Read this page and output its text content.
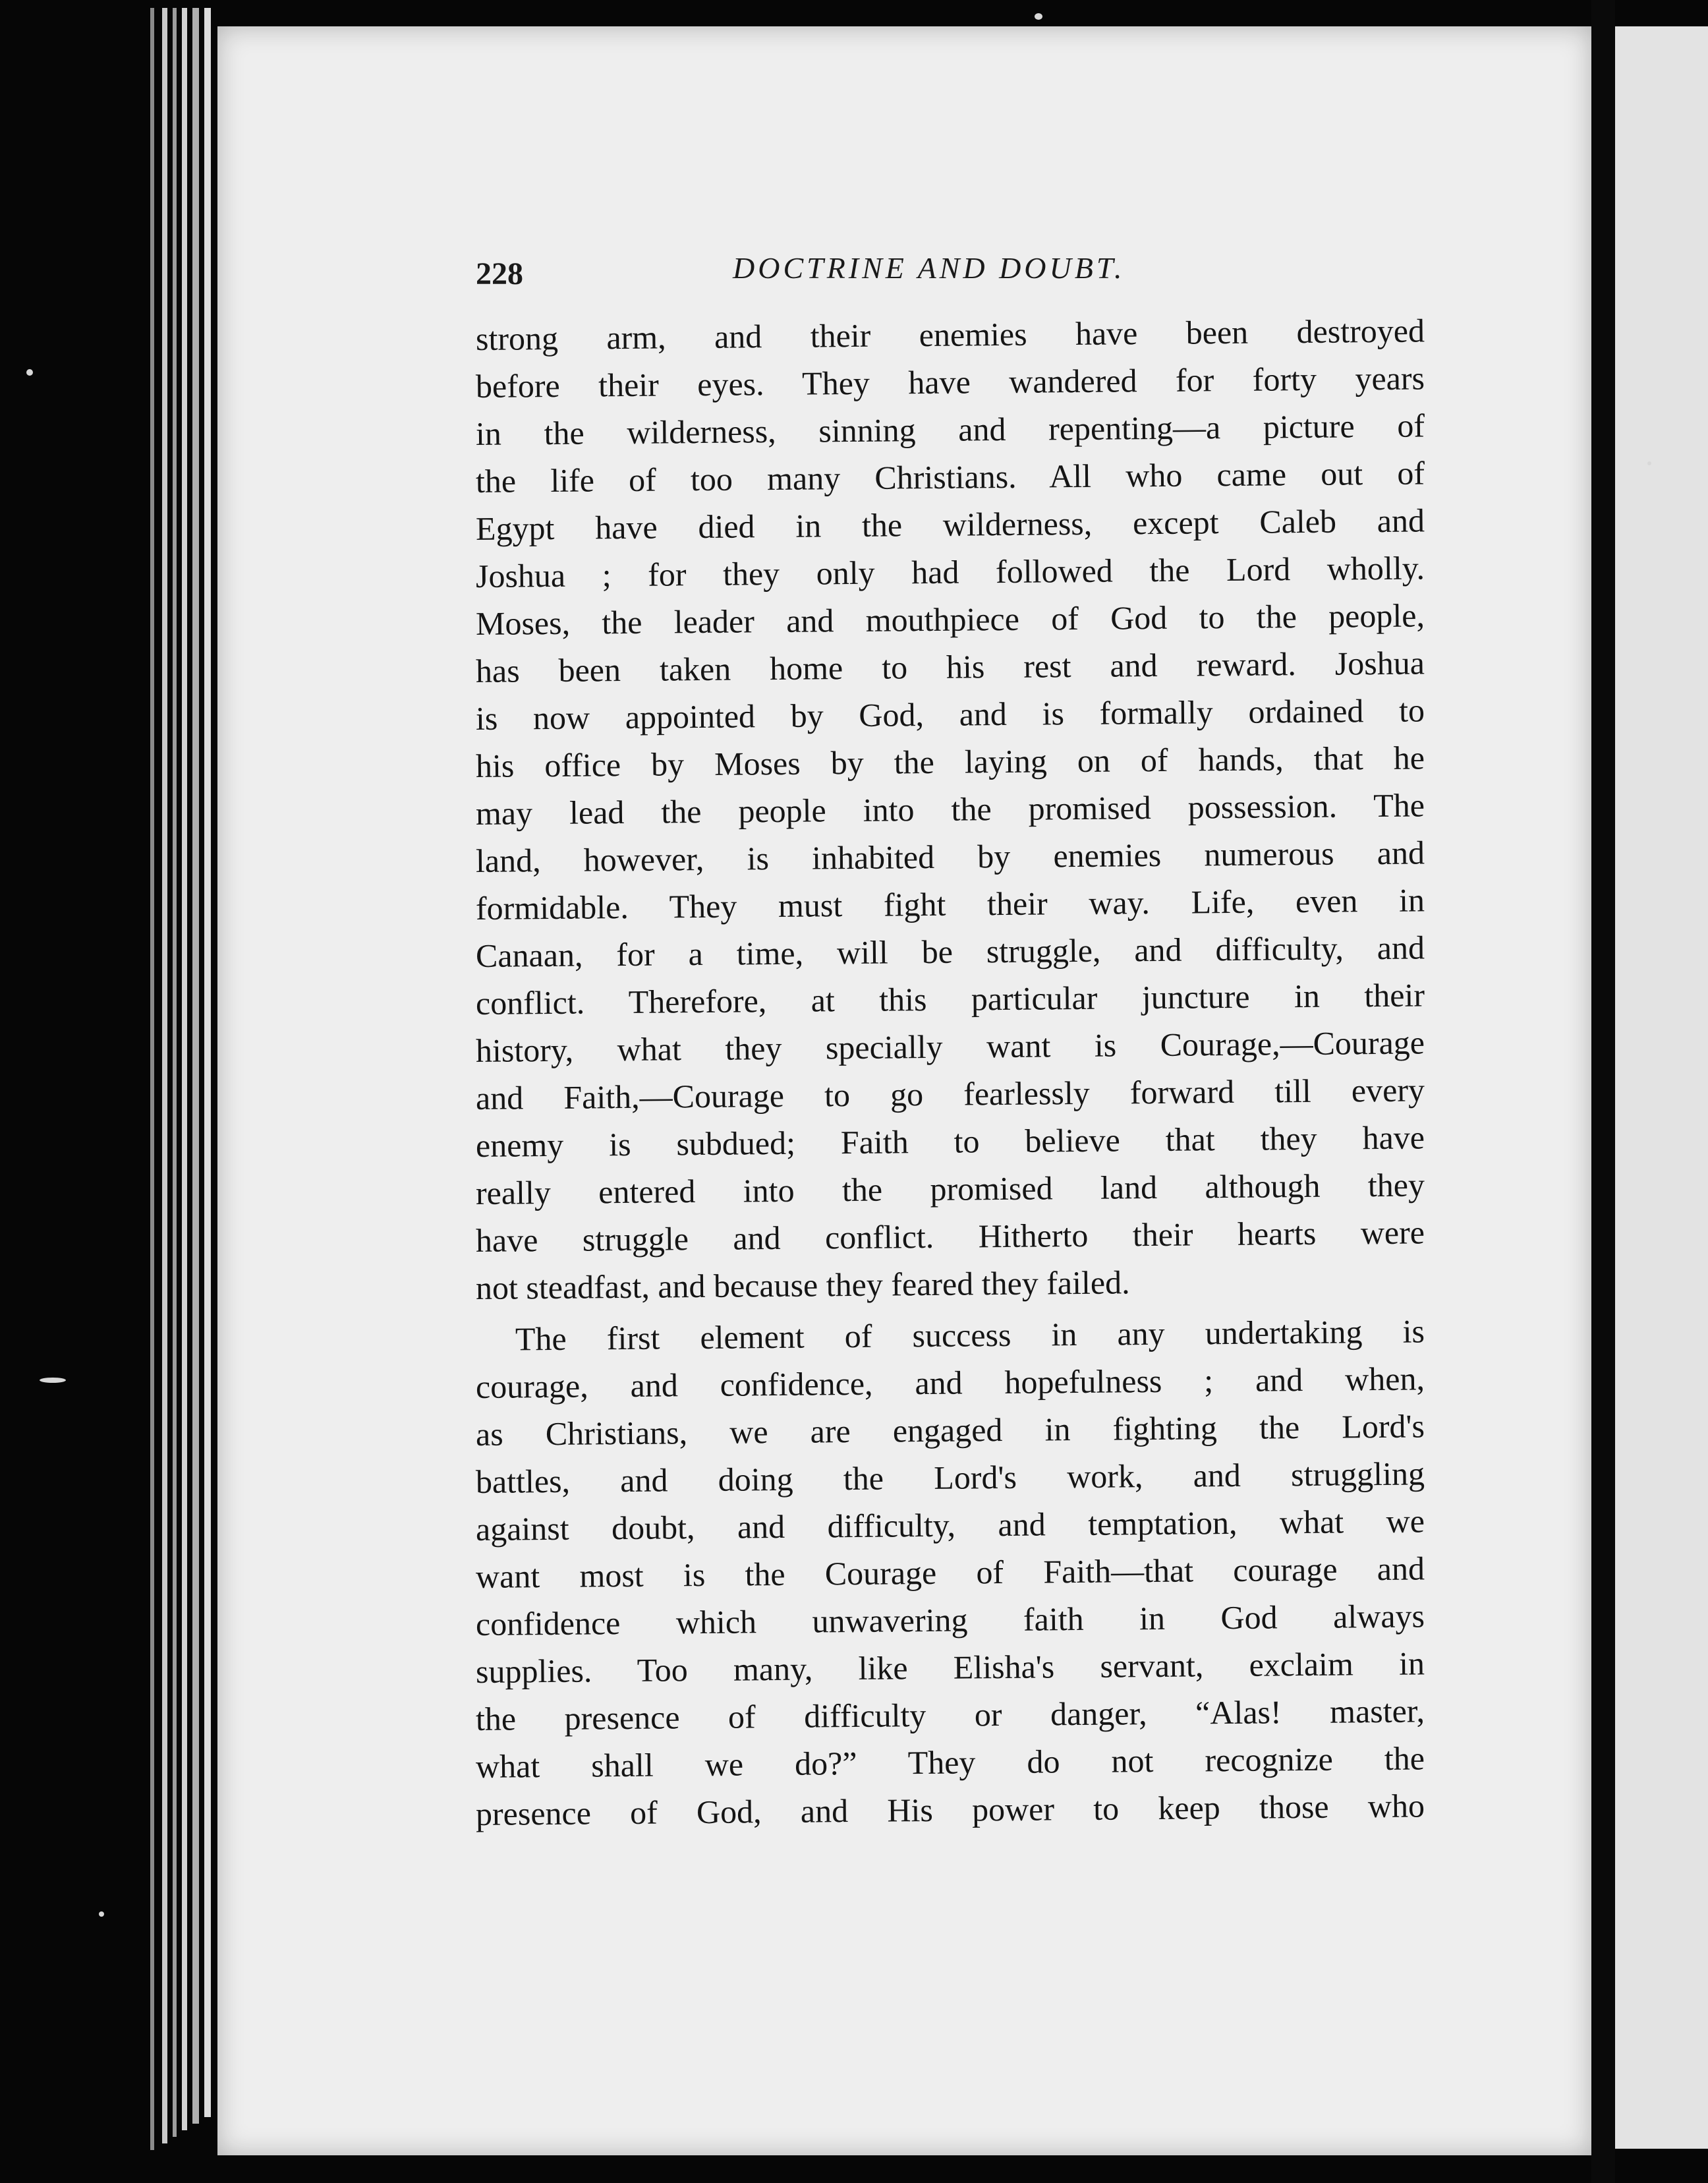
228	DOCTRINE AND DOUBT.
strong arm, and their enemies have been destroyed
before their eyes. They have wandered for forty years
in the wilderness, sinning and repenting—a picture of
the life of too many Christians. All who came out of
Egypt have died in the wilderness, except Caleb and
Joshua ; for they only had followed the Lord wholly.
Moses, the leader and mouthpiece of God to the people,
has been taken home to his rest and reward. Joshua
is now appointed by God, and is formally ordained to
his office by Moses by the laying on of hands, that he
may lead the people into the promised possession. The
land, however, is inhabited by enemies numerous and
formidable. They must fight their way. Life, even in
Canaan, for a time, will be struggle, and difficulty, and
conflict. Therefore, at this particular juncture in their
history, what they specially want is Courage,—Courage
and Faith,—Courage to go fearlessly forward till every
enemy is subdued; Faith to believe that they have
really entered into the promised land although they
have struggle and conflict. Hitherto their hearts were
not steadfast, and because they feared they failed.
The first element of success in any undertaking is
courage, and confidence, and hopefulness ; and when,
as Christians, we are engaged in fighting the Lord's
battles, and doing the Lord's work, and struggling
against doubt, and difficulty, and temptation, what we
want most is the Courage of Faith—that courage and
confidence which unwavering faith in God always
supplies. Too many, like Elisha's servant, exclaim in
the presence of difficulty or danger, “Alas! master,
what shall we do?” They do not recognize the
presence of God, and His power to keep those who
